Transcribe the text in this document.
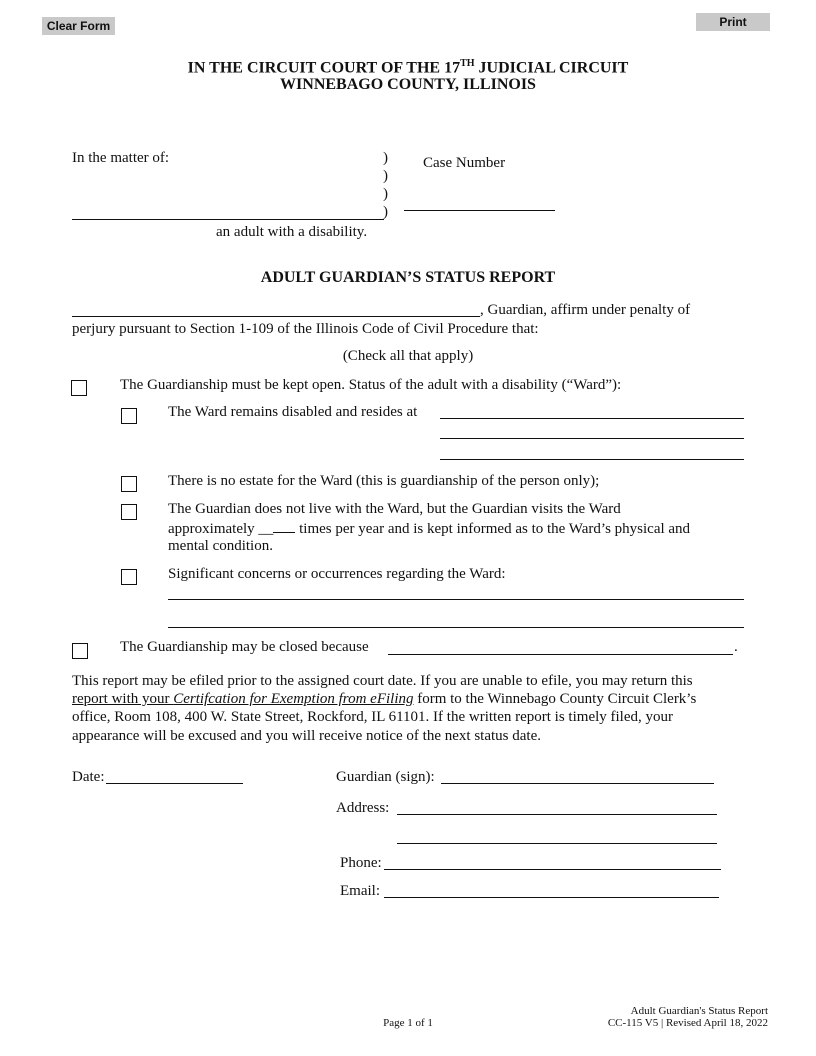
Clear Form	Print
IN THE CIRCUIT COURT OF THE 17TH JUDICIAL CIRCUIT
WINNEBAGO COUNTY, ILLINOIS
In the matter of:	)
)
)
)
an adult with a disability.
Case Number
ADULT GUARDIAN’S STATUS REPORT
, Guardian, affirm under penalty of
perjury pursuant to Section 1-109 of the Illinois Code of Civil Procedure that:
(Check all that apply)
The Guardianship must be kept open. Status of the adult with a disability (“Ward”):
The Ward remains disabled and resides at
There is no estate for the Ward (this is guardianship of the person only);
The Guardian does not live with the Ward, but the Guardian visits the Ward
approximately __ times per year and is kept informed as to the Ward’s physical and
mental condition.
Significant concerns or occurrences regarding the Ward:
The Guardianship may be closed because	.
This report may be efiled prior to the assigned court date. If you are unable to efile, you may return this
report with your Certifcation for Exemption from eFiling form to the Winnebago County Circuit Clerk’s
office, Room 108, 400 W. State Street, Rockford, IL 61101. If the written report is timely filed, your
appearance will be excused and you will receive notice of the next status date.
Date:	Guardian (sign):
Address:
Phone:
Email:
Page 1 of 1
Adult Guardian's Status Report
CC-115 V5 | Revised April 18, 2022
